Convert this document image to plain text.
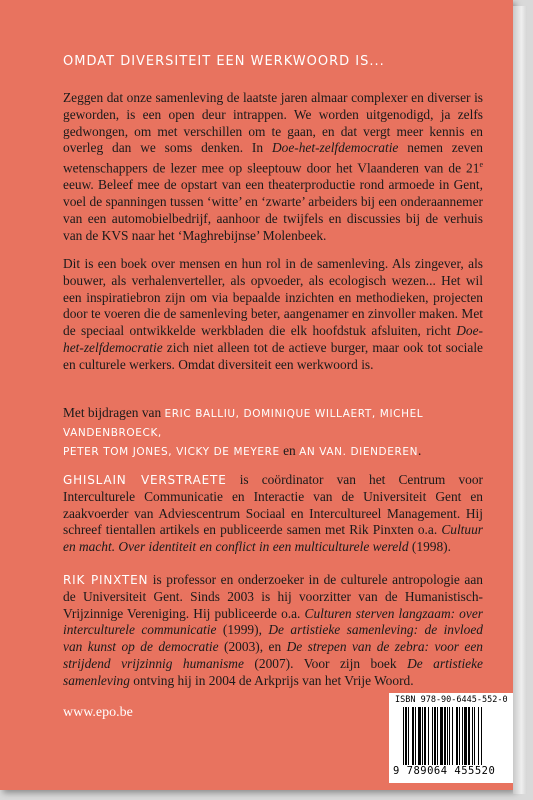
OMDAT DIVERSITEIT EEN WERKWOORD IS...

Zeggen dat onze samenleving de laatste jaren almaar complexer en diverser is geworden, is een open deur intrappen. We worden uitgenodigd, ja zelfs gedwongen, om met verschillen om te gaan, en dat vergt meer kennis en overleg dan we soms denken. In Doe-het-zelfdemocratie nemen zeven wetenschappers de lezer mee op sleeptouw door het Vlaanderen van de 21e eeuw. Beleef mee de opstart van een theaterproductie rond armoede in Gent, voel de spanningen tussen ‘witte’ en ‘zwarte’ arbeiders bij een onderaannemer van een automobielbedrijf, aanhoor de twijfels en discussies bij de verhuis van de KVS naar het ‘Maghrebijnse’ Molenbeek.

Dit is een boek over mensen en hun rol in de samenleving. Als zingever, als bouwer, als verhalenverteller, als opvoeder, als ecologisch wezen... Het wil een inspiratiebron zijn om via bepaalde inzichten en methodieken, projecten door te voeren die de samenleving beter, aangenamer en zinvoller maken. Met de speciaal ontwikkelde werkbladen die elk hoofdstuk afsluiten, richt Doe-het-zelfdemocratie zich niet alleen tot de actieve burger, maar ook tot sociale en culturele werkers. Omdat diversiteit een werkwoord is.

Met bijdragen van ERIC BALLIU, DOMINIQUE WILLAERT, MICHEL VANDENBROECK,
PETER TOM JONES, VICKY DE MEYERE en AN VAN. DIENDEREN.

GHISLAIN VERSTRAETE is coördinator van het Centrum voor Interculturele Communicatie en Interactie van de Universiteit Gent en zaakvoerder van Adviescentrum Sociaal en Intercultureel Management. Hij schreef tientallen artikels en publiceerde samen met Rik Pinxten o.a. Cultuur en macht. Over identiteit en conflict in een multiculturele wereld (1998).

RIK PINXTEN is professor en onderzoeker in de culturele antropologie aan de Universiteit Gent. Sinds 2003 is hij voorzitter van de Humanistisch-Vrijzinnige Vereniging. Hij publiceerde o.a. Culturen sterven langzaam: over interculturele communicatie (1999), De artistieke samenleving: de invloed van kunst op de democratie (2003), en De strepen van de zebra: voor een strijdend vrijzinnig humanisme (2007). Voor zijn boek De artistieke samenleving ontving hij in 2004 de Arkprijs van het Vrije Woord.

www.epo.be
ISBN 978-90-6445-552-0
9 789064 455520
